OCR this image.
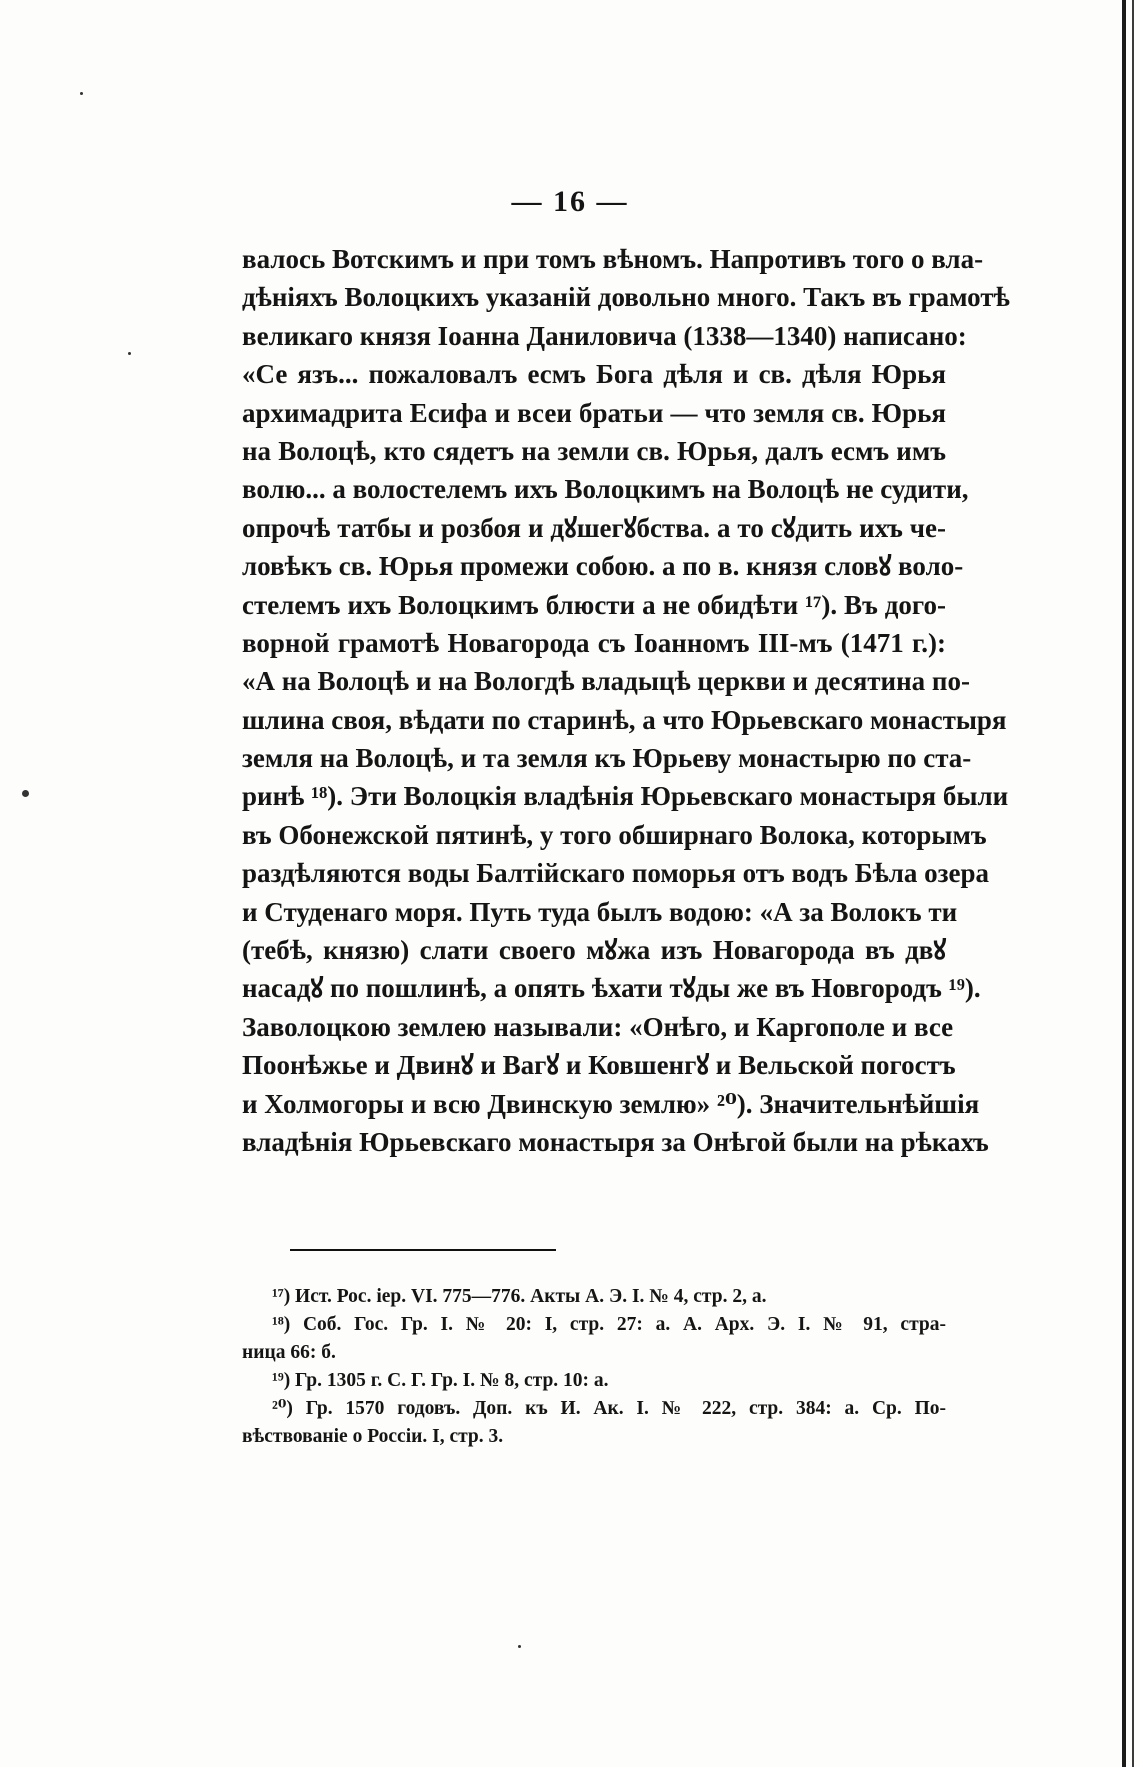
— 16 —
валось Вотскимъ и при томъ вѣномъ. Напротивъ того о вла-
дѣніяхъ Волоцкихъ указаній довольно много. Такъ въ грамотѣ
великаго князя Іоанна Даниловича (1338—1340) написано:
«Се язъ... пожаловалъ есмъ Бога дѣля и св. дѣля Юрья
архимадрита Есифа и всеи братьи — что земля св. Юрья
на Волоцѣ, кто сядетъ на земли св. Юрья, далъ есмъ имъ
волю... а волостелемъ ихъ Волоцкимъ на Волоцѣ не судити,
опрочѣ татбы и розбоя и дꙋшегꙋбства. а то сꙋдить ихъ че-
ловѣкъ св. Юрья промежи собою. а по в. князя словꙋ воло-
стелемъ ихъ Волоцкимъ блюсти а не обидѣти ¹⁷). Въ дого-
ворной грамотѣ Новагорода съ Іоанномъ III-мъ (1471 г.):
«А на Волоцѣ и на Вологдѣ владыцѣ церкви и десятина по-
шлина своя, вѣдати по старинѣ, а что Юрьевскаго монастыря
земля на Волоцѣ, и та земля къ Юрьеву монастырю по ста-
ринѣ ¹⁸). Эти Волоцкія владѣнія Юрьевскаго монастыря были
въ Обонежской пятинѣ, у того обширнаго Волока, которымъ
раздѣляются воды Балтійскаго поморья отъ водъ Бѣла озера
и Студенаго моря. Путь туда былъ водою: «А за Волокъ ти
(тебѣ, князю) слати своего мꙋжа изъ Новагорода въ двꙋ
насадꙋ по пошлинѣ, а опять ѣхати тꙋды же въ Новгородъ ¹⁹).
Заволоцкою землею называли: «Онѣго, и Каргополе и все
Поонѣжье и Двинꙋ и Вагꙋ и Ковшенгꙋ и Вельской погостъ
и Холмогоры и всю Двинскую землю» ²⁰). Значительнѣйшія
владѣнія Юрьевскаго монастыря за Онѣгой были на рѣкахъ
¹⁷) Ист. Рос. іер. VI. 775—776. Акты А. Э. I. № 4, стр. 2, а.
¹⁸) Соб. Гос. Гр. I. № 20: I, стр. 27: а. А. Арх. Э. I. № 91, стра-
ница 66: б.
¹⁹) Гр. 1305 г. С. Г. Гр. I. № 8, стр. 10: а.
²⁰) Гр. 1570 годовъ. Доп. къ И. Ак. I. № 222, стр. 384: а. Ср. По-
вѣствованіе о Россіи. I, стр. 3.
